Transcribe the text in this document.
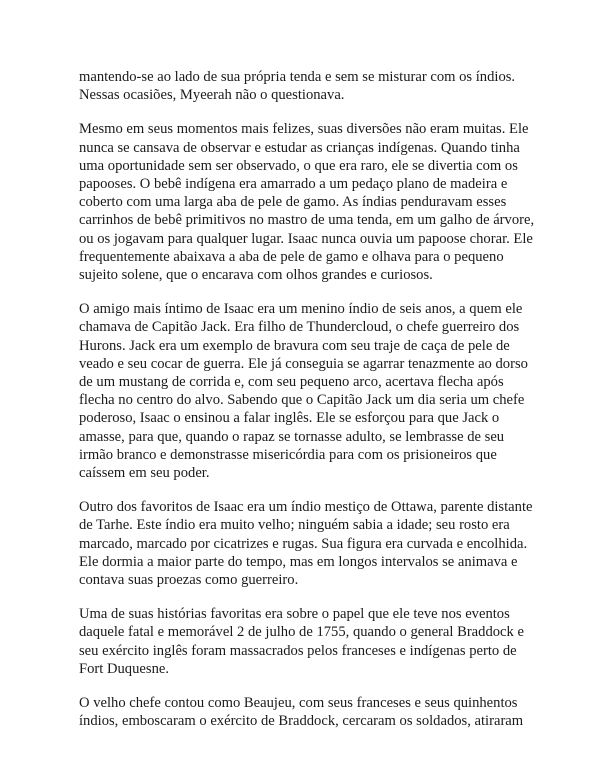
mantendo-se ao lado de sua própria tenda e sem se misturar com os índios. Nessas ocasiões, Myeerah não o questionava.

Mesmo em seus momentos mais felizes, suas diversões não eram muitas. Ele nunca se cansava de observar e estudar as crianças indígenas. Quando tinha uma oportunidade sem ser observado, o que era raro, ele se divertia com os papooses. O bebê indígena era amarrado a um pedaço plano de madeira e coberto com uma larga aba de pele de gamo. As índias penduravam esses carrinhos de bebê primitivos no mastro de uma tenda, em um galho de árvore, ou os jogavam para qualquer lugar. Isaac nunca ouvia um papoose chorar. Ele frequentemente abaixava a aba de pele de gamo e olhava para o pequeno sujeito solene, que o encarava com olhos grandes e curiosos.

O amigo mais íntimo de Isaac era um menino índio de seis anos, a quem ele chamava de Capitão Jack. Era filho de Thundercloud, o chefe guerreiro dos Hurons. Jack era um exemplo de bravura com seu traje de caça de pele de veado e seu cocar de guerra. Ele já conseguia se agarrar tenazmente ao dorso de um mustang de corrida e, com seu pequeno arco, acertava flecha após flecha no centro do alvo. Sabendo que o Capitão Jack um dia seria um chefe poderoso, Isaac o ensinou a falar inglês. Ele se esforçou para que Jack o amasse, para que, quando o rapaz se tornasse adulto, se lembrasse de seu irmão branco e demonstrasse misericórdia para com os prisioneiros que caíssem em seu poder.

Outro dos favoritos de Isaac era um índio mestiço de Ottawa, parente distante de Tarhe. Este índio era muito velho; ninguém sabia a idade; seu rosto era marcado, marcado por cicatrizes e rugas. Sua figura era curvada e encolhida. Ele dormia a maior parte do tempo, mas em longos intervalos se animava e contava suas proezas como guerreiro.

Uma de suas histórias favoritas era sobre o papel que ele teve nos eventos daquele fatal e memorável 2 de julho de 1755, quando o general Braddock e seu exército inglês foram massacrados pelos franceses e indígenas perto de Fort Duquesne.

O velho chefe contou como Beaujeu, com seus franceses e seus quinhentos índios, emboscaram o exército de Braddock, cercaram os soldados, atiraram
